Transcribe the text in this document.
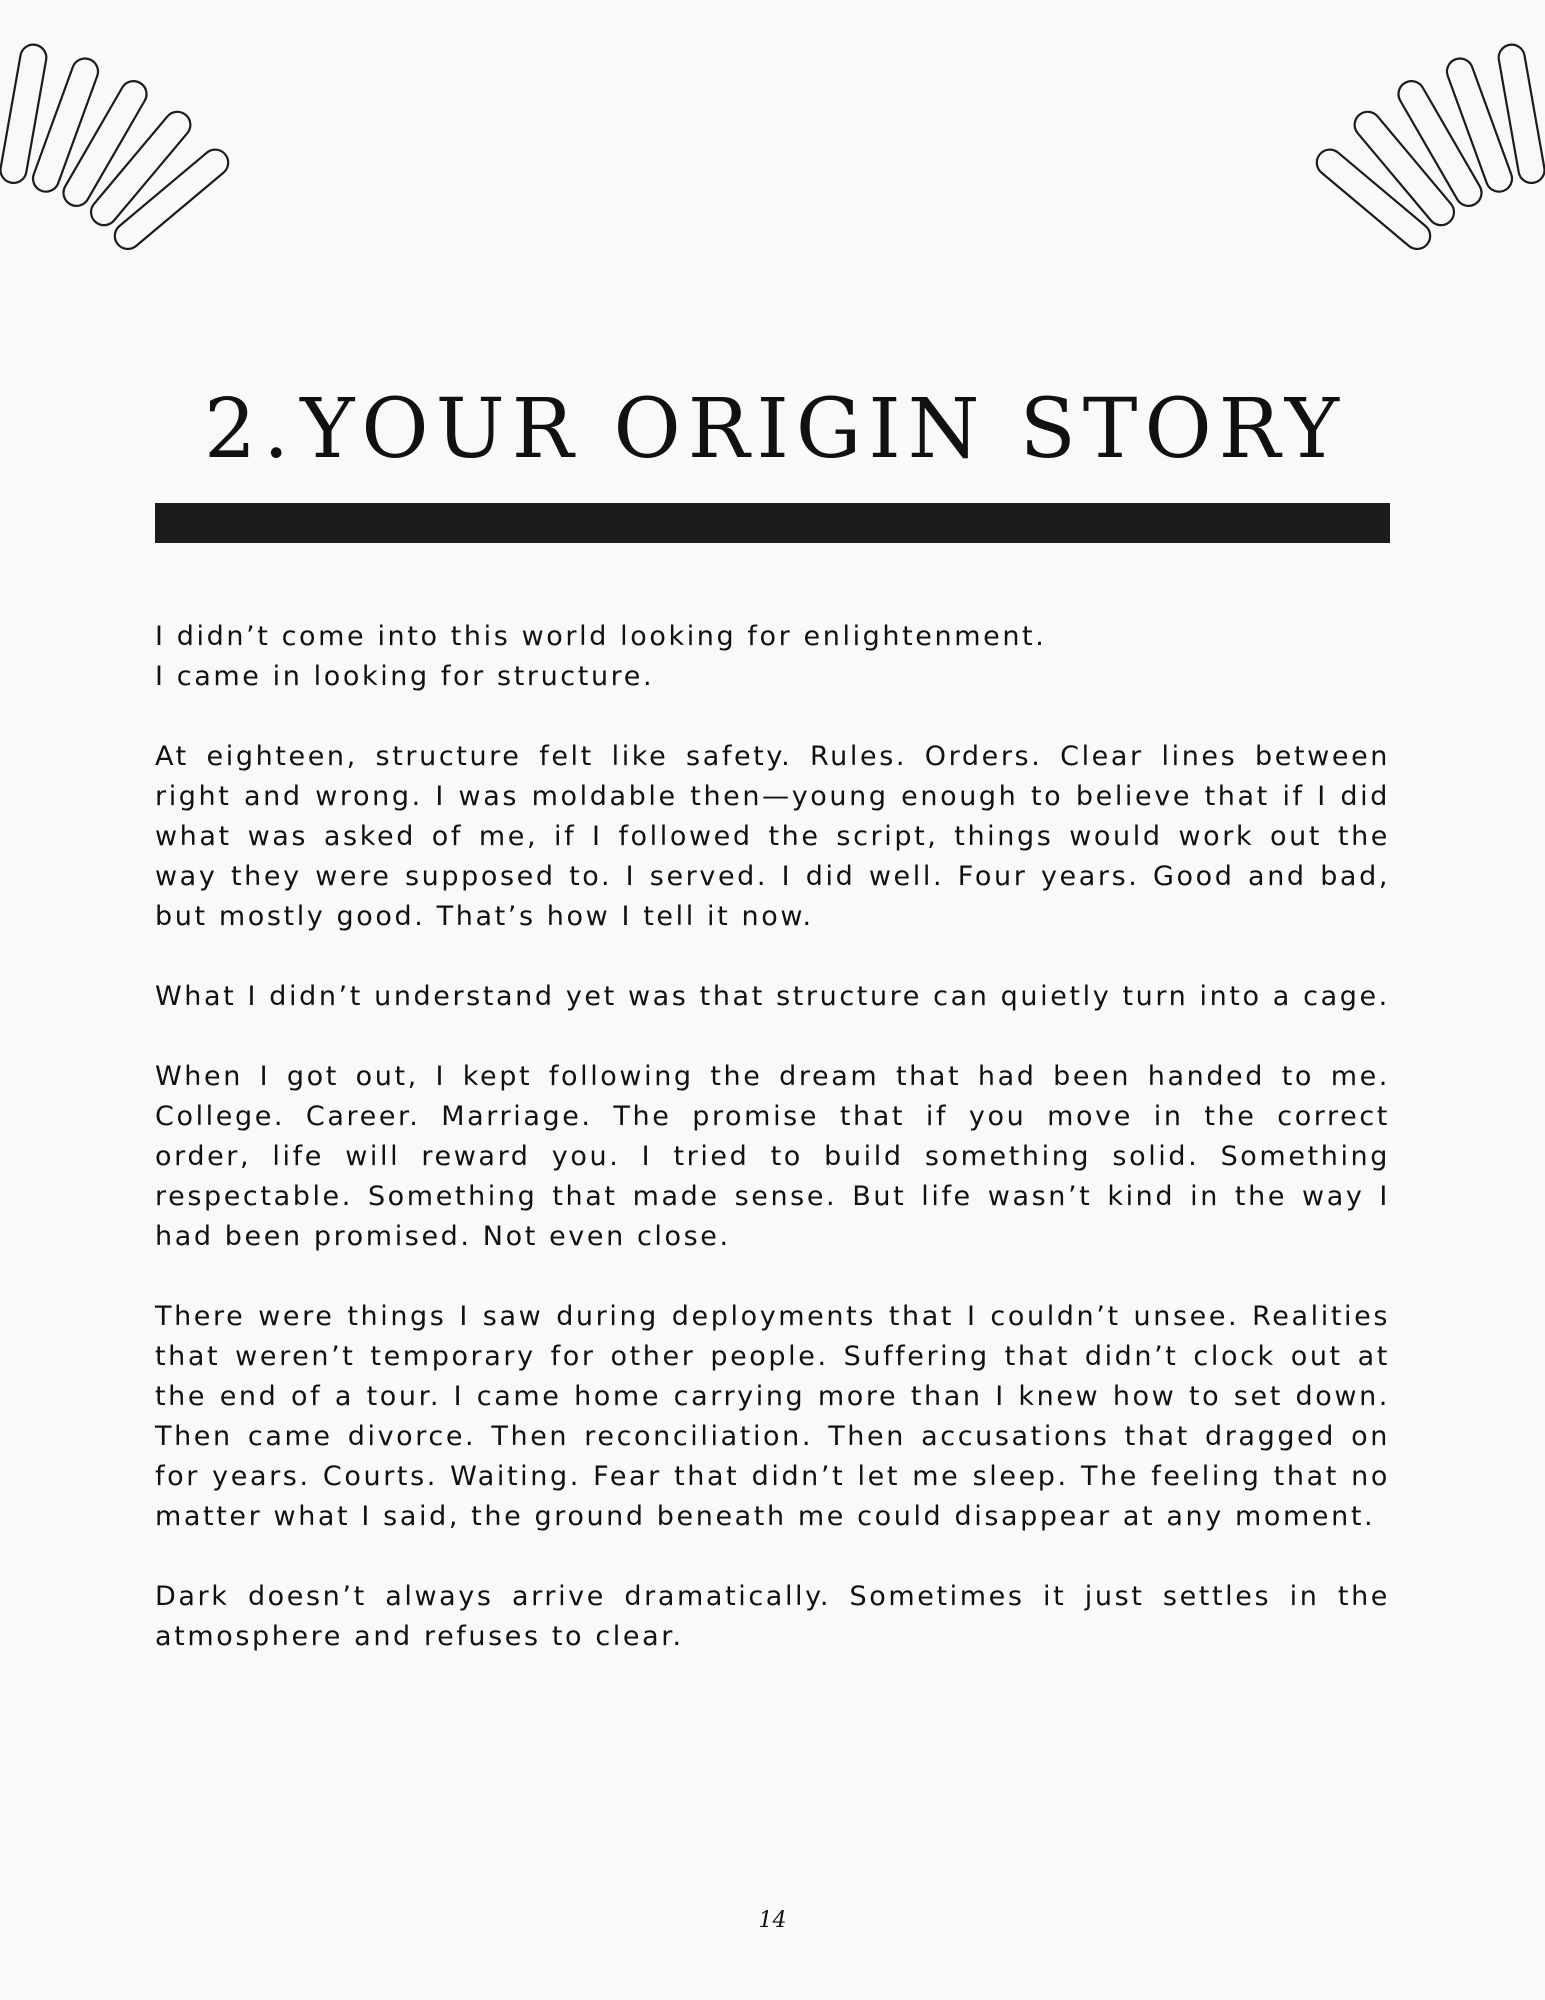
2.YOUR ORIGIN STORY

I didn’t come into this world looking for enlightenment.
I came in looking for structure.

At eighteen, structure felt like safety. Rules. Orders. Clear lines between right and wrong. I was moldable then—young enough to believe that if I did what was asked of me, if I followed the script, things would work out the way they were supposed to. I served. I did well. Four years. Good and bad, but mostly good. That’s how I tell it now.

What I didn’t understand yet was that structure can quietly turn into a cage.

When I got out, I kept following the dream that had been handed to me. College. Career. Marriage. The promise that if you move in the correct order, life will reward you. I tried to build something solid. Something respectable. Something that made sense. But life wasn’t kind in the way I had been promised. Not even close.

There were things I saw during deployments that I couldn’t unsee. Realities that weren’t temporary for other people. Suffering that didn’t clock out at the end of a tour. I came home carrying more than I knew how to set down. Then came divorce. Then reconciliation. Then accusations that dragged on for years. Courts. Waiting. Fear that didn’t let me sleep. The feeling that no matter what I said, the ground beneath me could disappear at any moment.

Dark doesn’t always arrive dramatically. Sometimes it just settles in the atmosphere and refuses to clear.

14
